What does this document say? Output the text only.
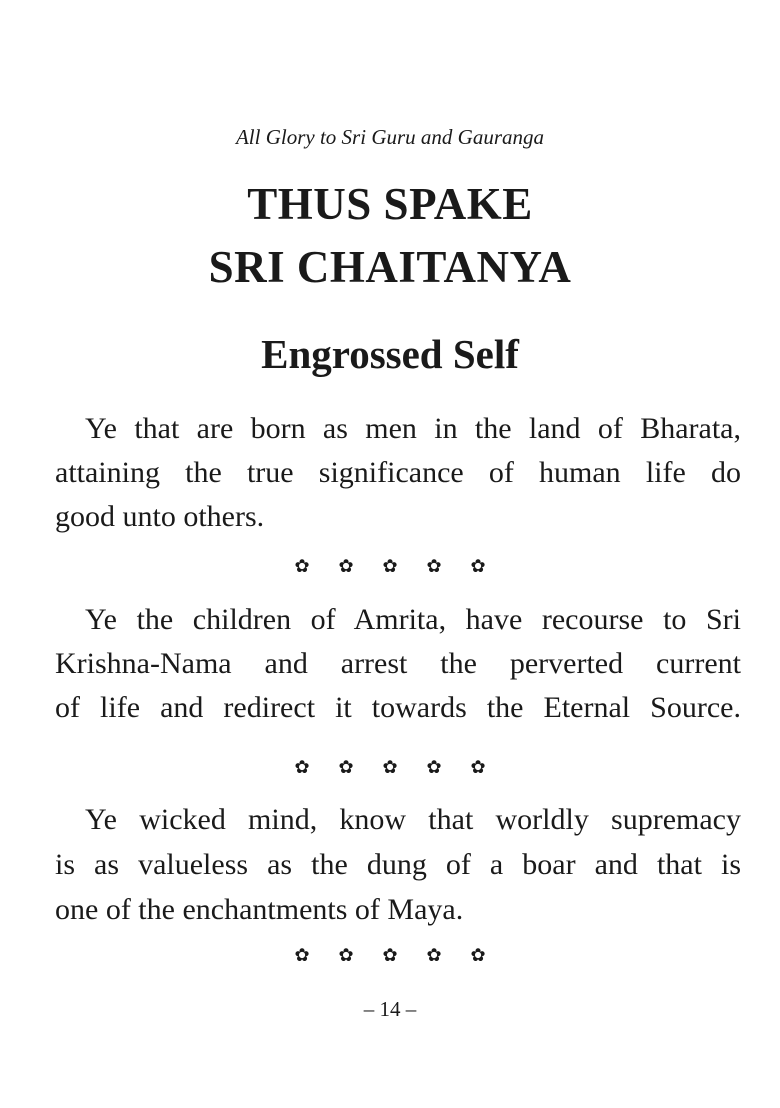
All Glory to Sri Guru and Gauranga
THUS SPAKE
SRI CHAITANYA
Engrossed Self
Ye that are born as men in the land of Bharata,
attaining the true significance of human life do
good unto others.
✿ ✿ ✿ ✿ ✿
Ye the children of Amrita, have recourse to Sri
Krishna-Nama and arrest the perverted current
of life and redirect it towards the Eternal Source.
✿ ✿ ✿ ✿ ✿
Ye wicked mind, know that worldly supremacy
is as valueless as the dung of a boar and that is
one of the enchantments of Maya.
✿ ✿ ✿ ✿ ✿
– 14 –
